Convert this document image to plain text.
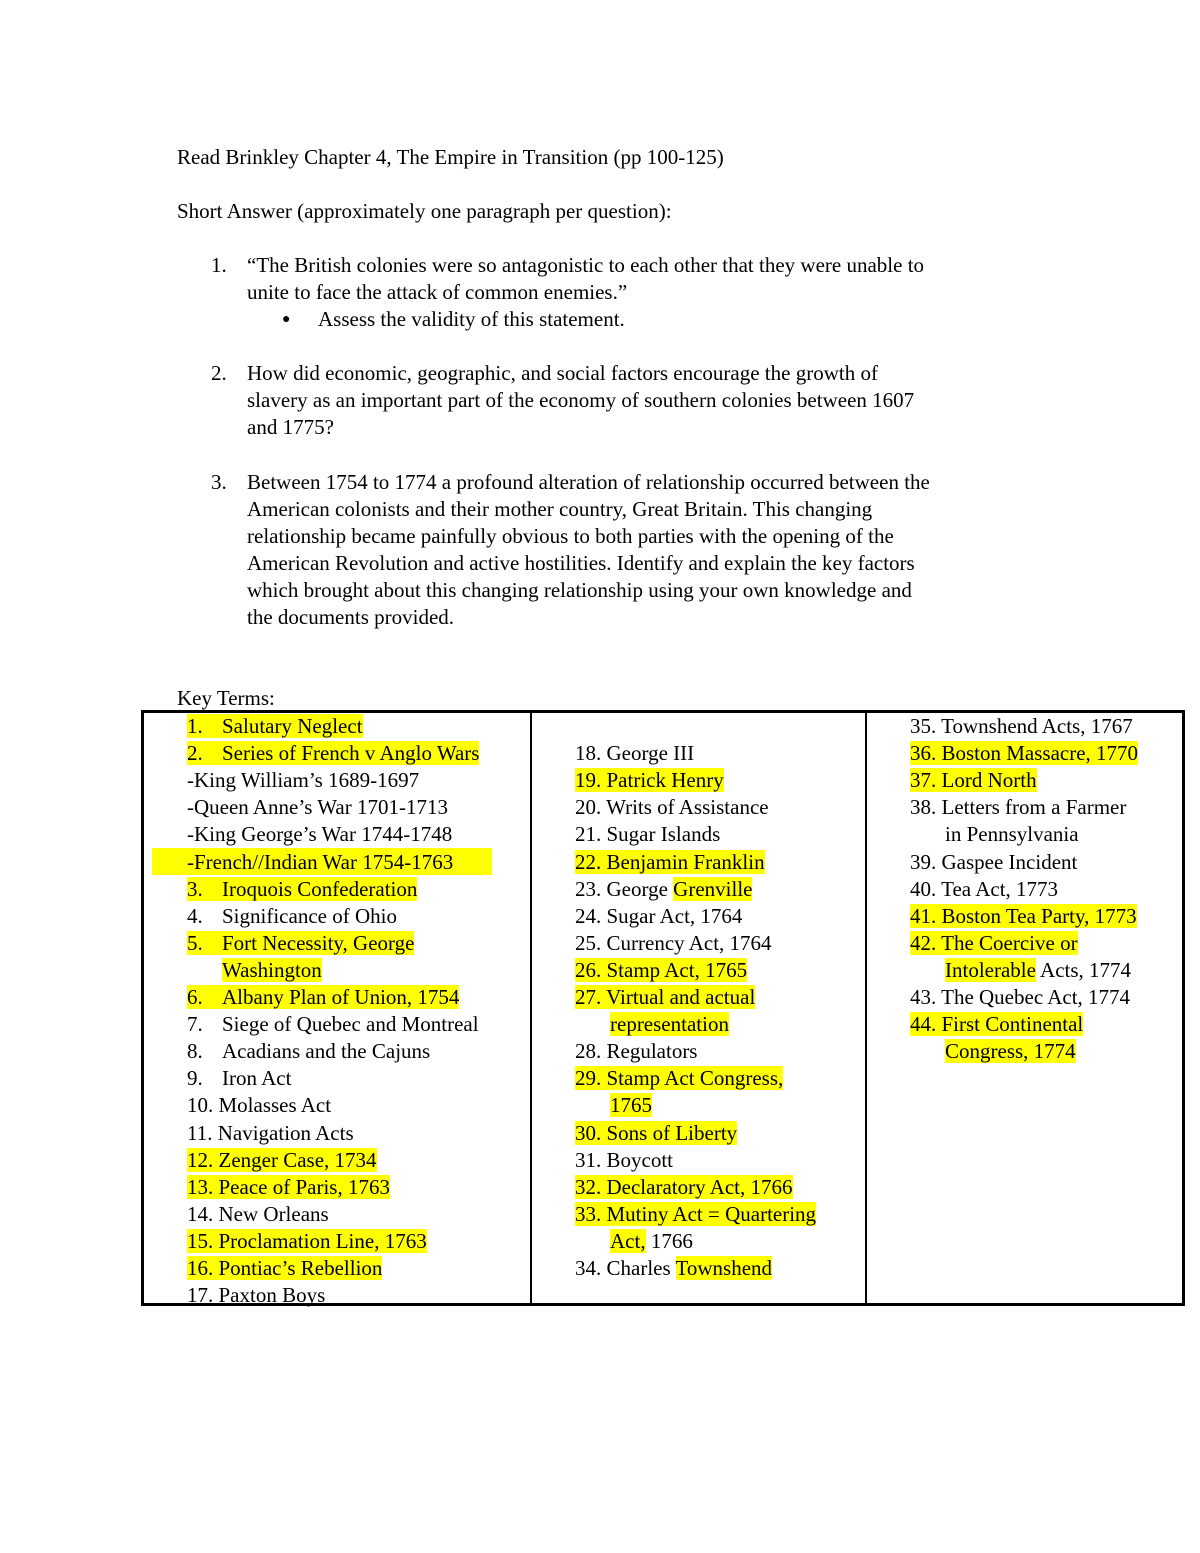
Read Brinkley Chapter 4, The Empire in Transition (pp 100-125)
Short Answer (approximately one paragraph per question):
1. “The British colonies were so antagonistic to each other that they were unable to
unite to face the attack of common enemies.”
● Assess the validity of this statement.
2. How did economic, geographic, and social factors encourage the growth of
slavery as an important part of the economy of southern colonies between 1607
and 1775?
3. Between 1754 to 1774 a profound alteration of relationship occurred between the
American colonists and their mother country, Great Britain. This changing
relationship became painfully obvious to both parties with the opening of the
American Revolution and active hostilities. Identify and explain the key factors
which brought about this changing relationship using your own knowledge and
the documents provided.
Key Terms:
1. Salutary Neglect
2. Series of French v Anglo Wars
-King William’s 1689-1697
-Queen Anne’s War 1701-1713
-King George’s War 1744-1748
-French//Indian War 1754-1763
3. Iroquois Confederation
4. Significance of Ohio
5. Fort Necessity, George
Washington
6. Albany Plan of Union, 1754
7. Siege of Quebec and Montreal
8. Acadians and the Cajuns
9. Iron Act
10. Molasses Act
11. Navigation Acts
12. Zenger Case, 1734
13. Peace of Paris, 1763
14. New Orleans
15. Proclamation Line, 1763
16. Pontiac’s Rebellion
17. Paxton Boys
18. George III
19. Patrick Henry
20. Writs of Assistance
21. Sugar Islands
22. Benjamin Franklin
23. George Grenville
24. Sugar Act, 1764
25. Currency Act, 1764
26. Stamp Act, 1765
27. Virtual and actual
representation
28. Regulators
29. Stamp Act Congress,
1765
30. Sons of Liberty
31. Boycott
32. Declaratory Act, 1766
33. Mutiny Act = Quartering
Act, 1766
34. Charles Townshend
35. Townshend Acts, 1767
36. Boston Massacre, 1770
37. Lord North
38. Letters from a Farmer
in Pennsylvania
39. Gaspee Incident
40. Tea Act, 1773
41. Boston Tea Party, 1773
42. The Coercive or
Intolerable Acts, 1774
43. The Quebec Act, 1774
44. First Continental
Congress, 1774
